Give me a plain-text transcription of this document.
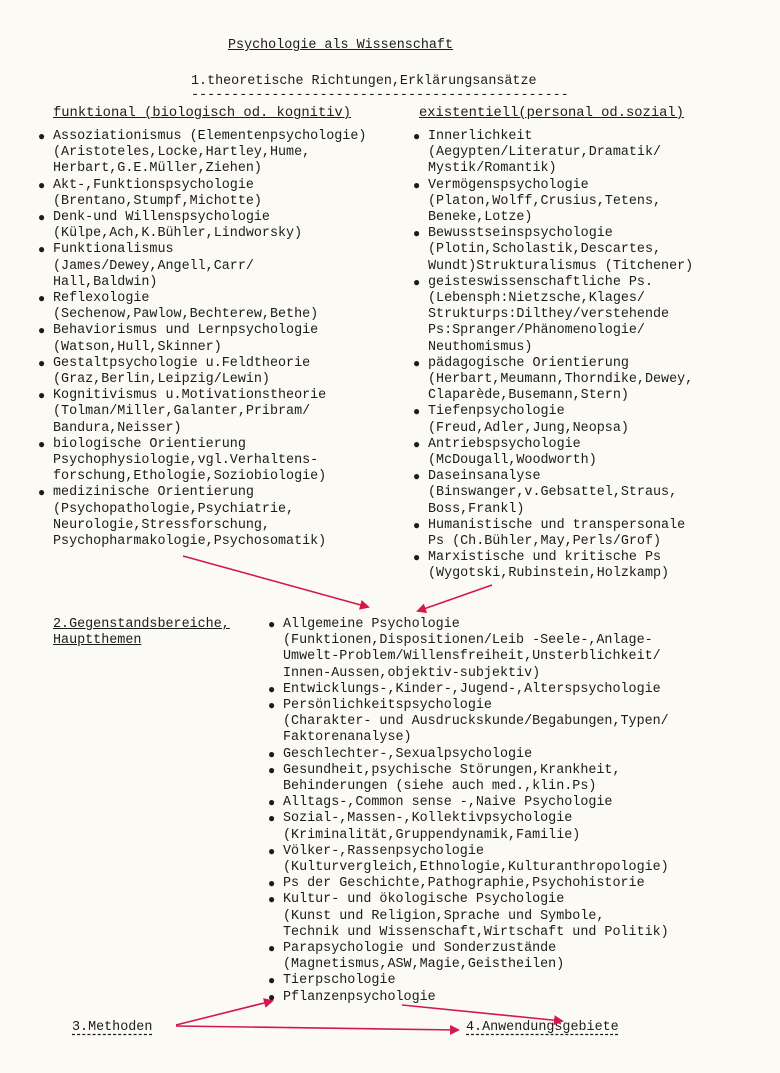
Psychologie als Wissenschaft
1.theoretische Richtungen,Erklärungsansätze
-----------------------------------------------
funktional (biologisch od. kognitiv)	existentiell(personal od.sozial)
● Assoziationismus (Elementenpsychologie)
(Aristoteles,Locke,Hartley,Hume,
Herbart,G.E.Müller,Ziehen)
● Akt-,Funktionspsychologie
(Brentano,Stumpf,Michotte)
● Denk-und Willenspsychologie
(Külpe,Ach,K.Bühler,Lindworsky)
● Funktionalismus
(James/Dewey,Angell,Carr/
Hall,Baldwin)
● Reflexologie
(Sechenow,Pawlow,Bechterew,Bethe)
● Behaviorismus und Lernpsychologie
(Watson,Hull,Skinner)
● Gestaltpsychologie u.Feldtheorie
(Graz,Berlin,Leipzig/Lewin)
● Kognitivismus u.Motivationstheorie
(Tolman/Miller,Galanter,Pribram/
Bandura,Neisser)
● biologische Orientierung
Psychophysiologie,vgl.Verhaltens-
forschung,Ethologie,Soziobiologie)
● medizinische Orientierung
(Psychopathologie,Psychiatrie,
Neurologie,Stressforschung,
Psychopharmakologie,Psychosomatik)
● Innerlichkeit
(Aegypten/Literatur,Dramatik/
Mystik/Romantik)
● Vermögenspsychologie
(Platon,Wolff,Crusius,Tetens,
Beneke,Lotze)
● Bewusstseinspsychologie
(Plotin,Scholastik,Descartes,
Wundt)Strukturalismus (Titchener)
● geisteswissenschaftliche Ps.
(Lebensph:Nietzsche,Klages/
Strukturps:Dilthey/verstehende
Ps:Spranger/Phänomenologie/
Neuthomismus)
● pädagogische Orientierung
(Herbart,Meumann,Thorndike,Dewey,
Claparède,Busemann,Stern)
● Tiefenpsychologie
(Freud,Adler,Jung,Neopsa)
● Antriebspsychologie
(McDougall,Woodworth)
● Daseinsanalyse
(Binswanger,v.Gebsattel,Straus,
Boss,Frankl)
● Humanistische und transpersonale
Ps (Ch.Bühler,May,Perls/Grof)
● Marxistische und kritische Ps
(Wygotski,Rubinstein,Holzkamp)
2.Gegenstandsbereiche,
Hauptthemen
● Allgemeine Psychologie
(Funktionen,Dispositionen/Leib -Seele-,Anlage-
Umwelt-Problem/Willensfreiheit,Unsterblichkeit/
Innen-Aussen,objektiv-subjektiv)
● Entwicklungs-,Kinder-,Jugend-,Alterspsychologie
● Persönlichkeitspsychologie
(Charakter- und Ausdruckskunde/Begabungen,Typen/
Faktorenanalyse)
● Geschlechter-,Sexualpsychologie
● Gesundheit,psychische Störungen,Krankheit,
Behinderungen (siehe auch med.,klin.Ps)
● Alltags-,Common sense -,Naive Psychologie
● Sozial-,Massen-,Kollektivpsychologie
(Kriminalität,Gruppendynamik,Familie)
● Völker-,Rassenpsychologie
(Kulturvergleich,Ethnologie,Kulturanthropologie)
● Ps der Geschichte,Pathographie,Psychohistorie
● Kultur- und ökologische Psychologie
(Kunst und Religion,Sprache und Symbole,
Technik und Wissenschaft,Wirtschaft und Politik)
● Parapsychologie und Sonderzustände
(Magnetismus,ASW,Magie,Geistheilen)
● Tierpschologie
● Pflanzenpsychologie
3.Methoden	4.Anwendungsgebiete
